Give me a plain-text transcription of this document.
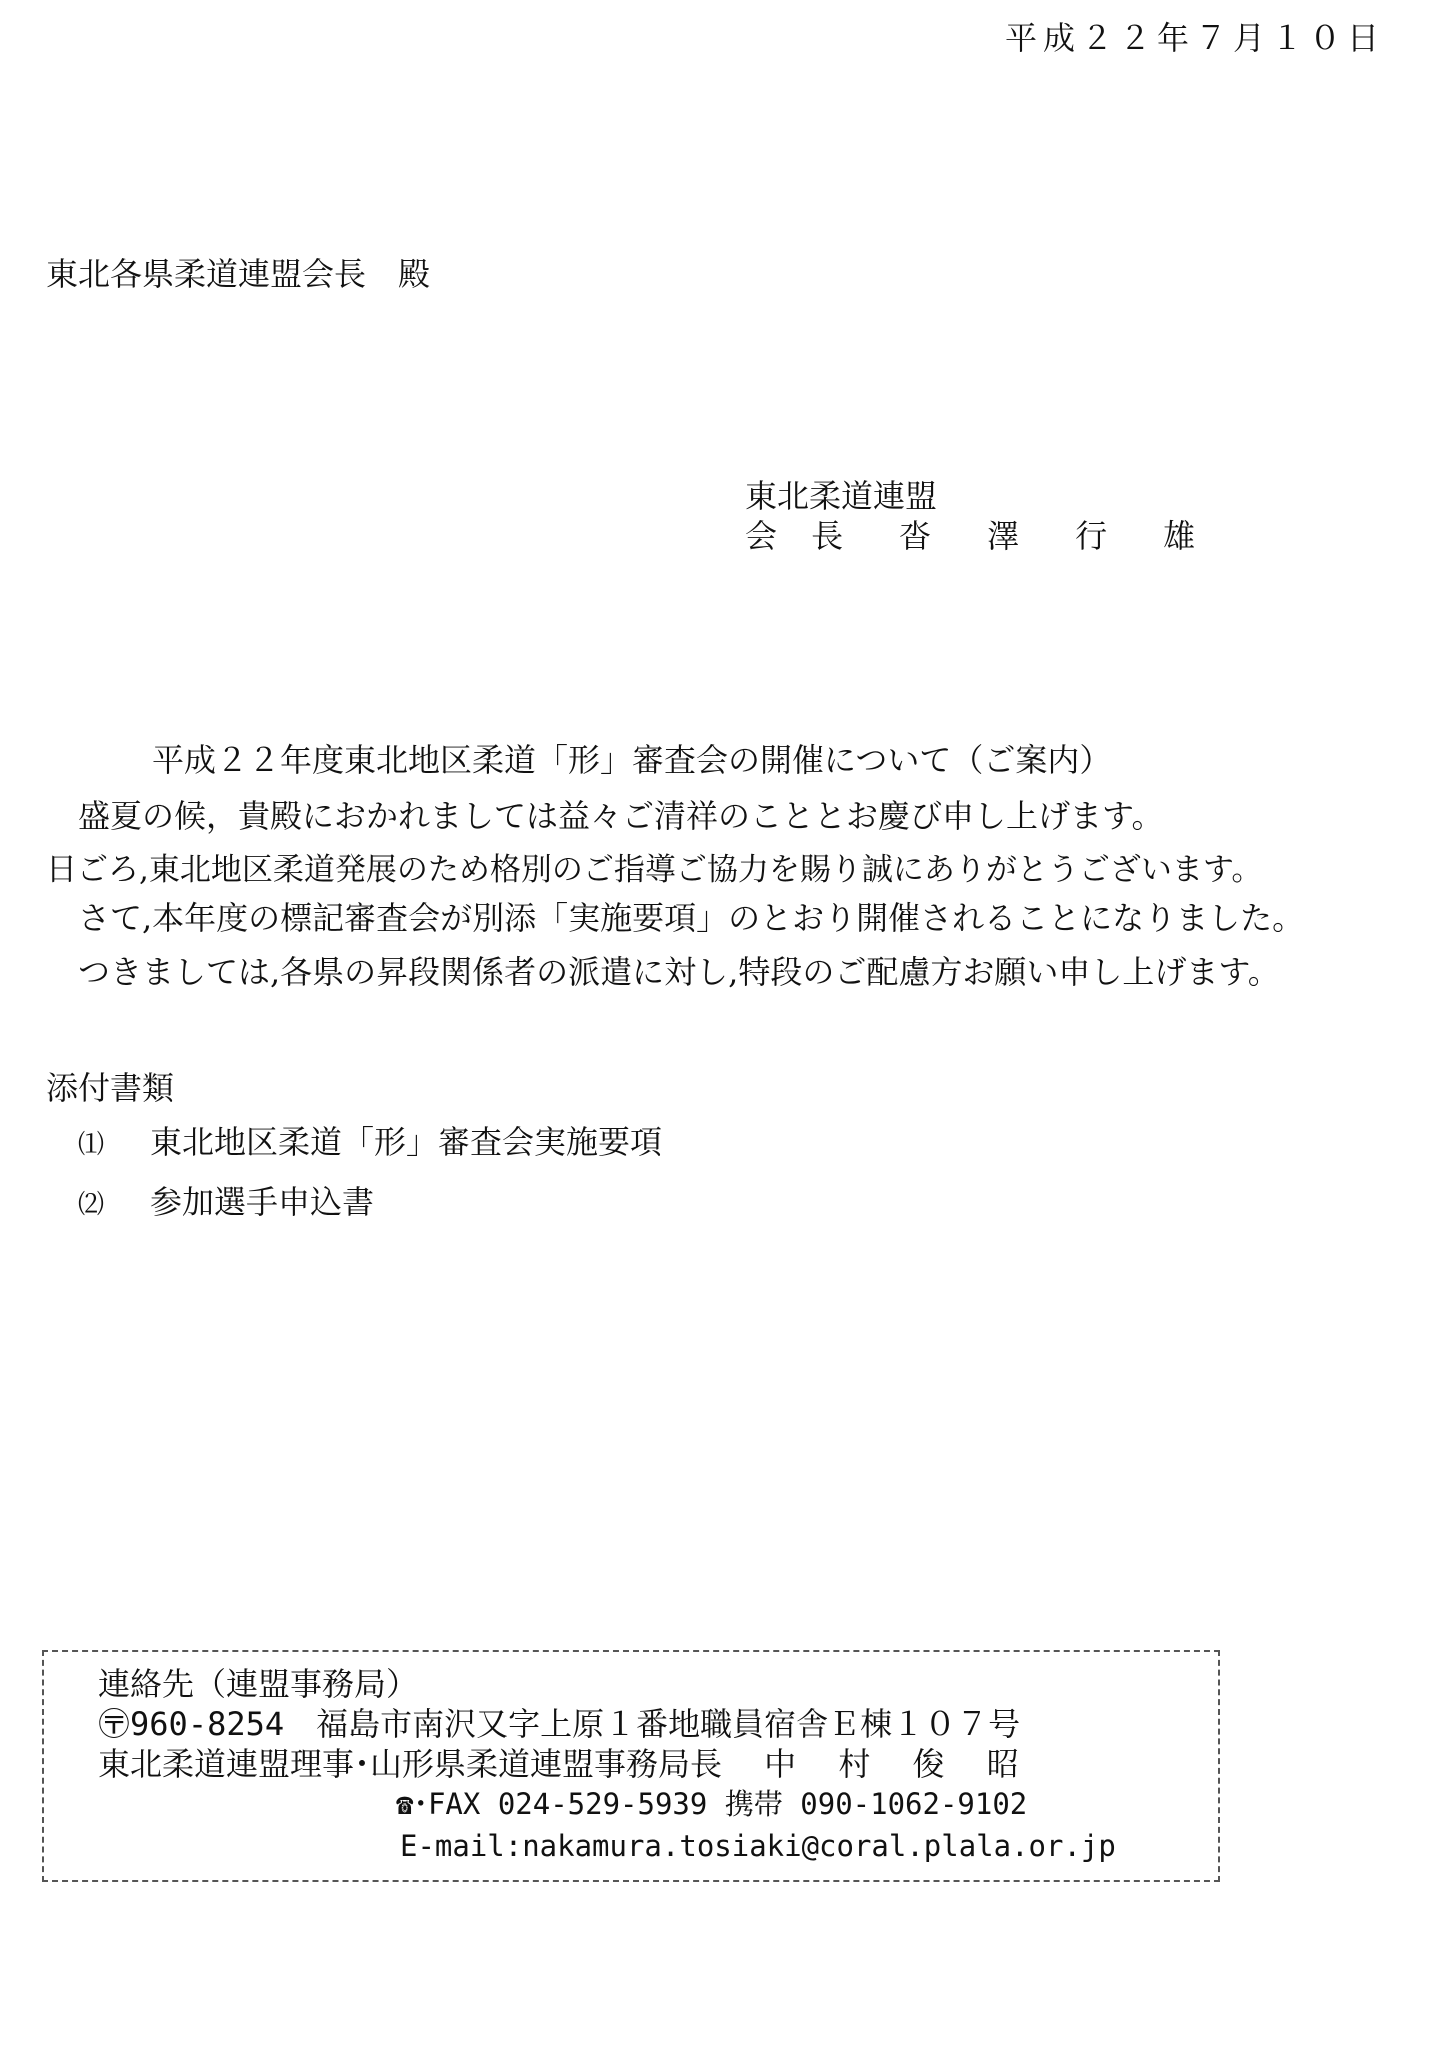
平成２２年７月１０日
東北各県柔道連盟会長　殿
東北柔道連盟
会 長　沓　澤　行　雄
平成２２年度東北地区柔道「形」審査会の開催について（ご案内）
盛夏の候，貴殿におかれましては益々ご清祥のこととお慶び申し上げます。
日ごろ,東北地区柔道発展のため格別のご指導ご協力を賜り誠にありがとうございます。
さて,本年度の標記審査会が別添「実施要項」のとおり開催されることになりました。
つきましては,各県の昇段関係者の派遣に対し,特段のご配慮方お願い申し上げます。
添付書類
⑴ 東北地区柔道「形」審査会実施要項
⑵ 参加選手申込書
連絡先（連盟事務局）
〶960-8254　 福島市南沢又字上原１番地職員宿舎Ｅ棟１０７号
東北柔道連盟理事･山形県柔道連盟事務局長　 中　 村　 俊　 昭
☎･FAX 024-529-5939 携帯 090-1062-9102
E-mail:nakamura.tosiaki@coral.plala.or.jp
